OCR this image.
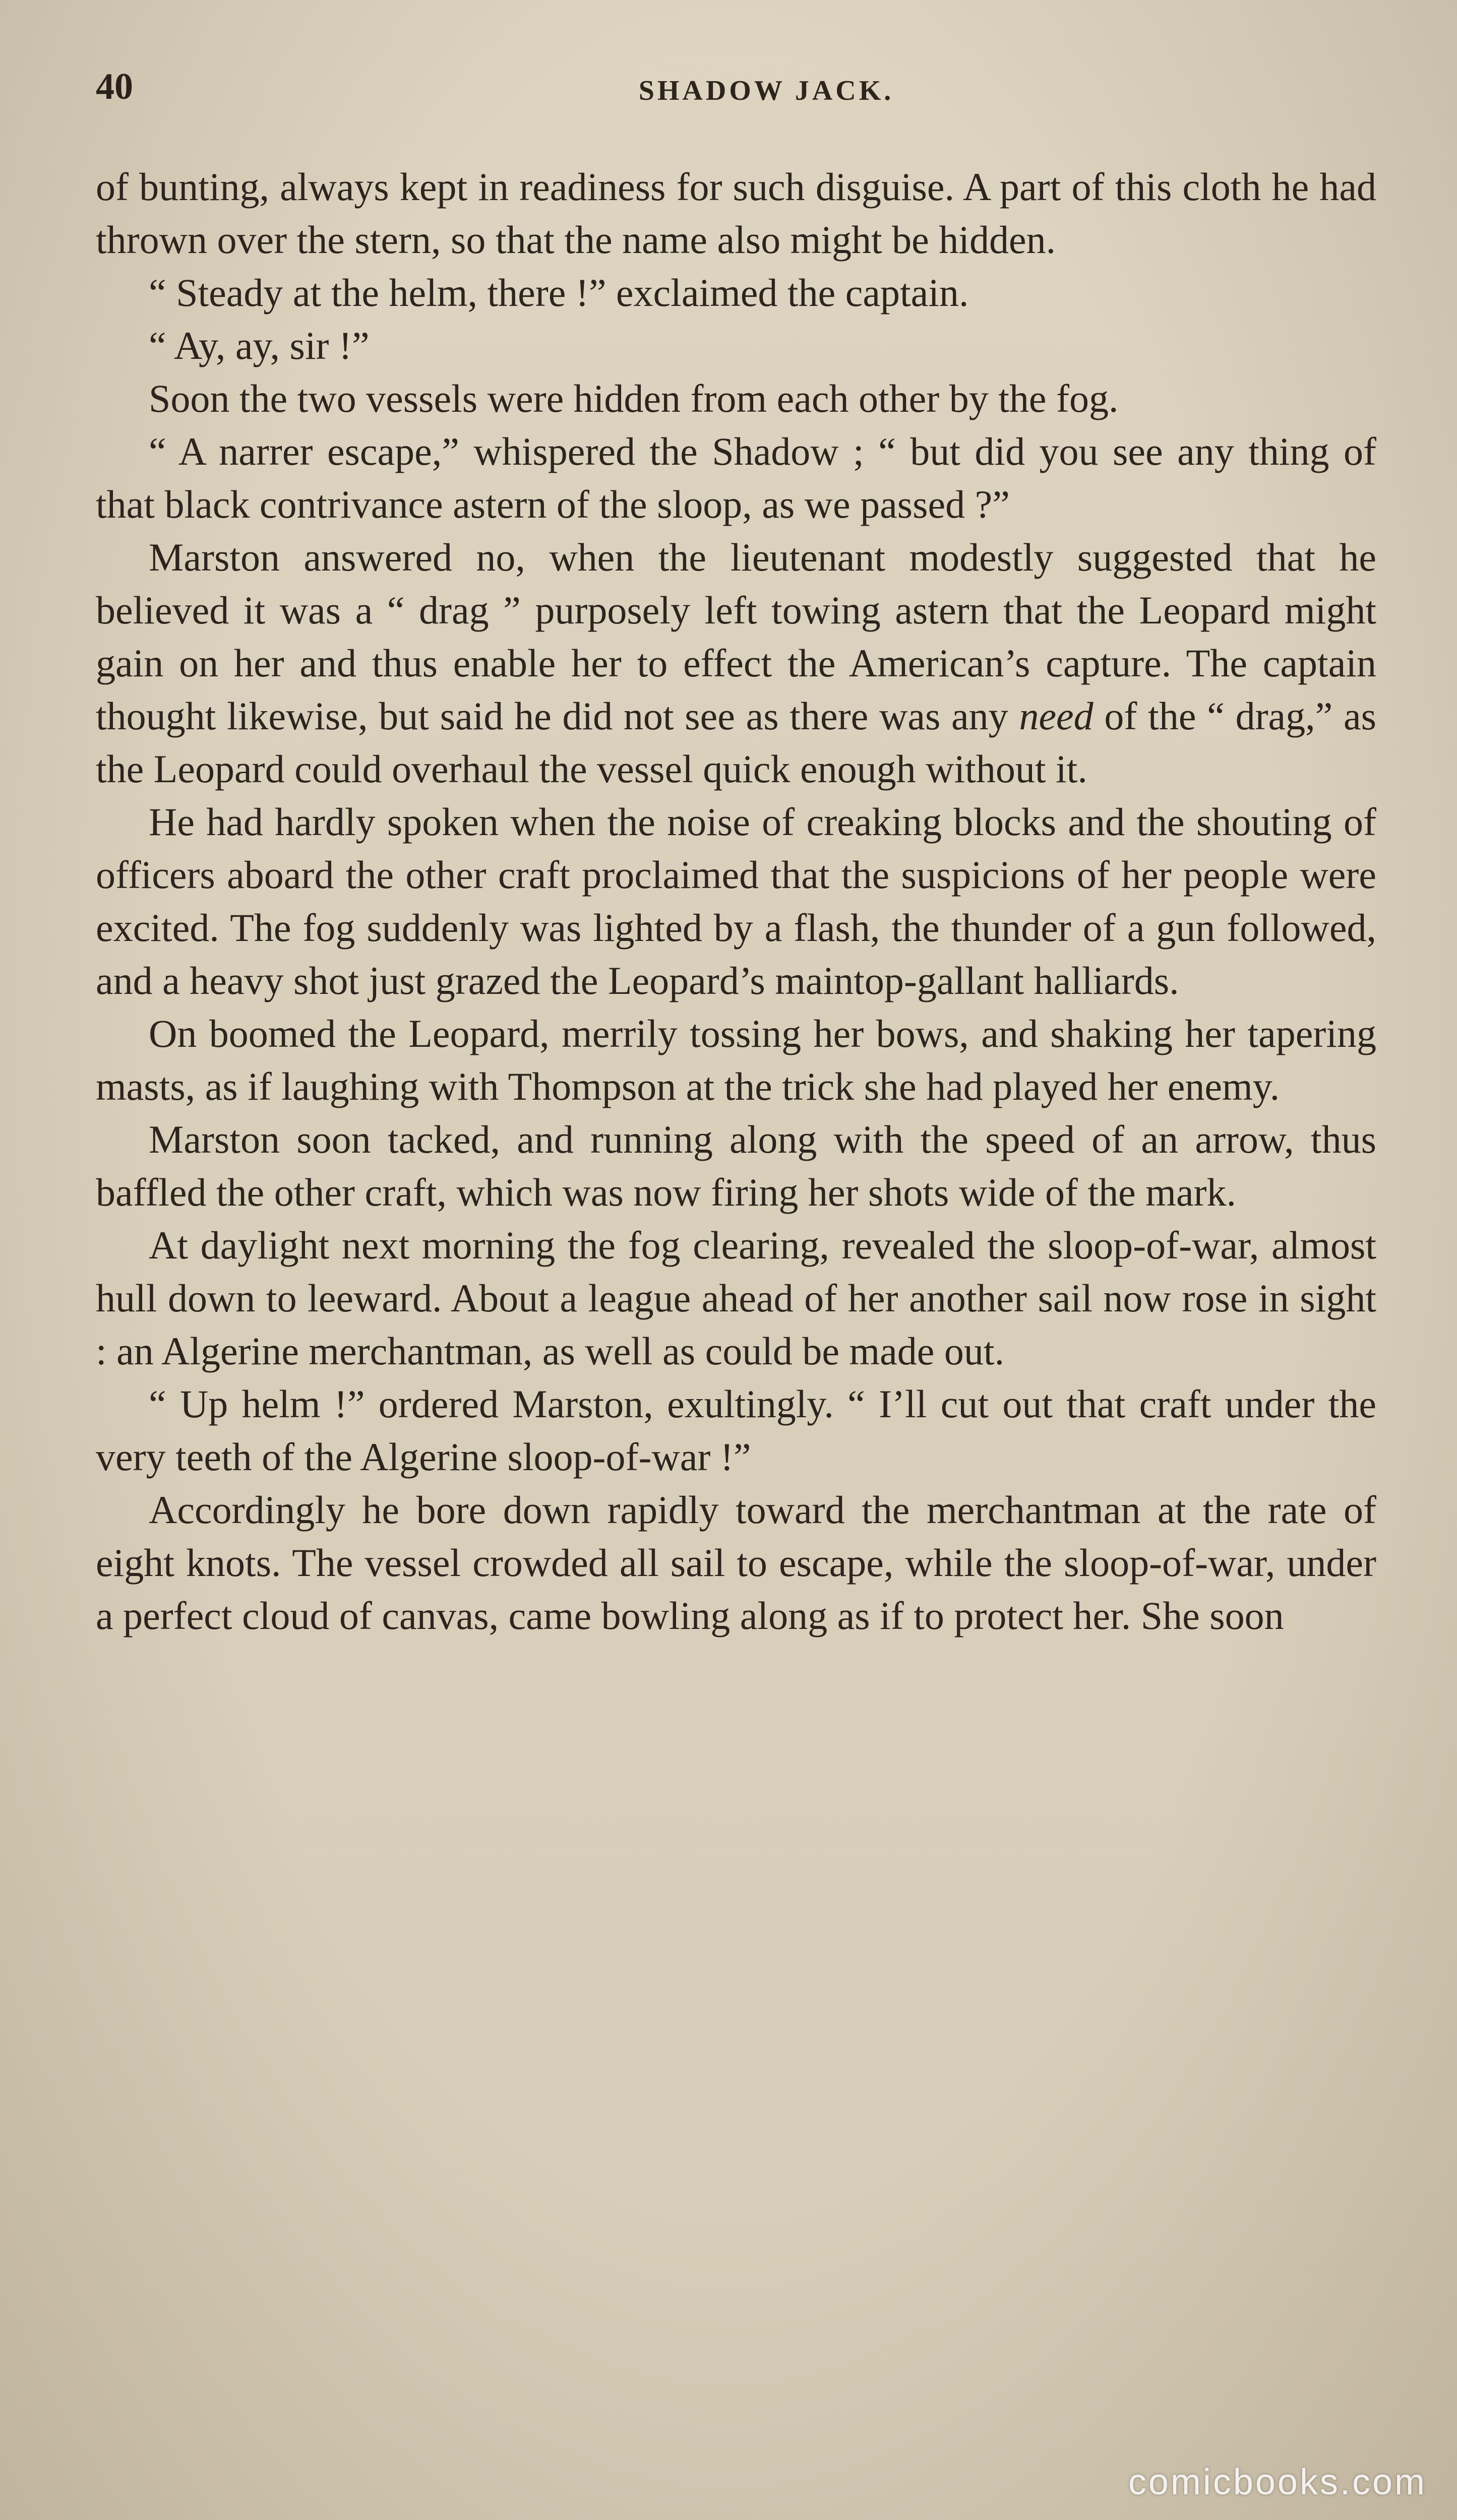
40	SHADOW JACK.

of bunting, always kept in readiness for such disguise. A part of this cloth he had thrown over the stern, so that the name also might be hidden.

“ Steady at the helm, there !” exclaimed the captain.

“ Ay, ay, sir !”

Soon the two vessels were hidden from each other by the fog.

“ A narrer escape,” whispered the Shadow ; “ but did you see any thing of that black contrivance astern of the sloop, as we passed ?”

Marston answered no, when the lieutenant modestly suggested that he believed it was a “ drag ” purposely left towing astern that the Leopard might gain on her and thus enable her to effect the American’s capture. The captain thought likewise, but said he did not see as there was any need of the “ drag,” as the Leopard could overhaul the vessel quick enough without it.

He had hardly spoken when the noise of creaking blocks and the shouting of officers aboard the other craft proclaimed that the suspicions of her people were excited. The fog suddenly was lighted by a flash, the thunder of a gun followed, and a heavy shot just grazed the Leopard’s maintop-gallant halliards.

On boomed the Leopard, merrily tossing her bows, and shaking her tapering masts, as if laughing with Thompson at the trick she had played her enemy.

Marston soon tacked, and running along with the speed of an arrow, thus baffled the other craft, which was now firing her shots wide of the mark.

At daylight next morning the fog clearing, revealed the sloop-of-war, almost hull down to leeward. About a league ahead of her another sail now rose in sight : an Algerine merchantman, as well as could be made out.

“ Up helm !” ordered Marston, exultingly. “ I’ll cut out that craft under the very teeth of the Algerine sloop-of-war !”

Accordingly he bore down rapidly toward the merchantman at the rate of eight knots. The vessel crowded all sail to escape, while the sloop-of-war, under a perfect cloud of canvas, came bowling along as if to protect her. She soon

comicbooks.com
